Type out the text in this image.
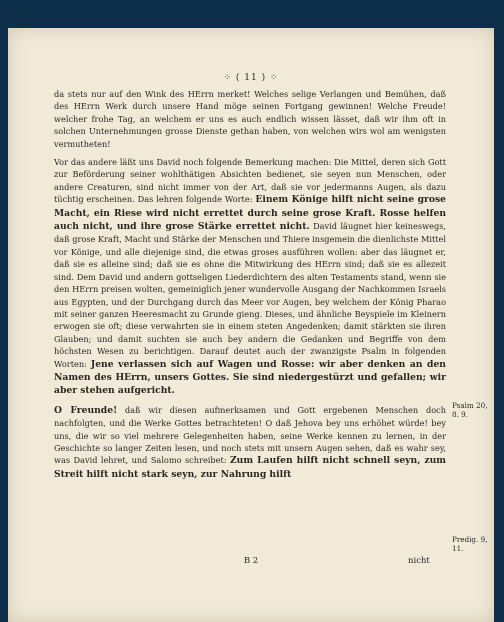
⁘ ( 11 ) ⁘

da stets nur auf den Wink des HErrn merket! Welches selige Verlangen und Bemühen, daß des HErrn Werk durch unsere Hand möge seinen Fortgang gewinnen! Welche Freude! welcher frohe Tag, an welchem er uns es auch endlich wissen lässet, daß wir ihm oft in solchen Unternehmungen grosse Dienste gethan haben, von welchen wirs wol am wenigsten vermutheten!

Vor das andere läßt uns David noch folgende Bemerkung machen: Die Mittel, deren sich Gott zur Beförderung seiner wohlthätigen Absichten bedienet, sie seyen nun Menschen, oder andere Creaturen, sind nicht immer von der Art, daß sie vor jedermanns Augen, als dazu tüchtig erscheinen. Das lehren folgende Worte: Einem Könige hilft nicht seine grose Macht, ein Riese wird nicht errettet durch seine grose Kraft. Rosse helfen auch nicht, und ihre grose Stärke errettet nicht. David läugnet hier keineswegs, daß grose Kraft, Macht und Stärke der Menschen und Thiere insgemein die dienlichste Mittel vor Könige, und alle diejenige sind, die etwas groses ausführen wollen: aber das läugnet er, daß sie es alleine sind; daß sie es ohne die Mitwirkung des HErrn sind; daß sie es allezeit sind. Dem David und andern gottseligen Liederdichtern des alten Testaments stand, wenn sie den HErrn preisen wolten, gemeiniglich jener wundervolle Ausgang der Nachkommen Israels aus Egypten, und der Durchgang durch das Meer vor Augen, bey welchem der König Pharao mit seiner ganzen Heeresmacht zu Grunde gieng. Dieses, und ähnliche Beyspiele im Kleinern erwogen sie oft; diese verwahrten sie in einem steten Angedenken; damit stärkten sie ihren Glauben; und damit suchten sie auch bey andern die Gedanken und Begriffe von dem höchsten Wesen zu berichtigen. Darauf deutet auch der zwanzigste Psalm in folgenden Worten: Jene verlassen sich auf Wagen und Rosse: wir aber denken an den Namen des HErrn, unsers Gottes. Sie sind niedergestürzt und gefallen; wir aber stehen aufgericht.

O Freunde! daß wir diesen aufmerksamen und Gott ergebenen Menschen doch nachfolgten, und die Werke Gottes betrachteten! O daß Jehova bey uns erhöhet würde! bey uns, die wir so viel mehrere Gelegenheiten haben, seine Werke kennen zu lernen, in der Geschichte so langer Zeiten lesen, und noch stets mit unsern Augen sehen, daß es wahr sey, was David lehret, und Salomo schreibet: Zum Laufen hilft nicht schnell seyn, zum Streit hilft nicht stark seyn, zur Nahrung hilft

Psalm 20, 8. 9.
Predig. 9, 11.
B 2	nicht
